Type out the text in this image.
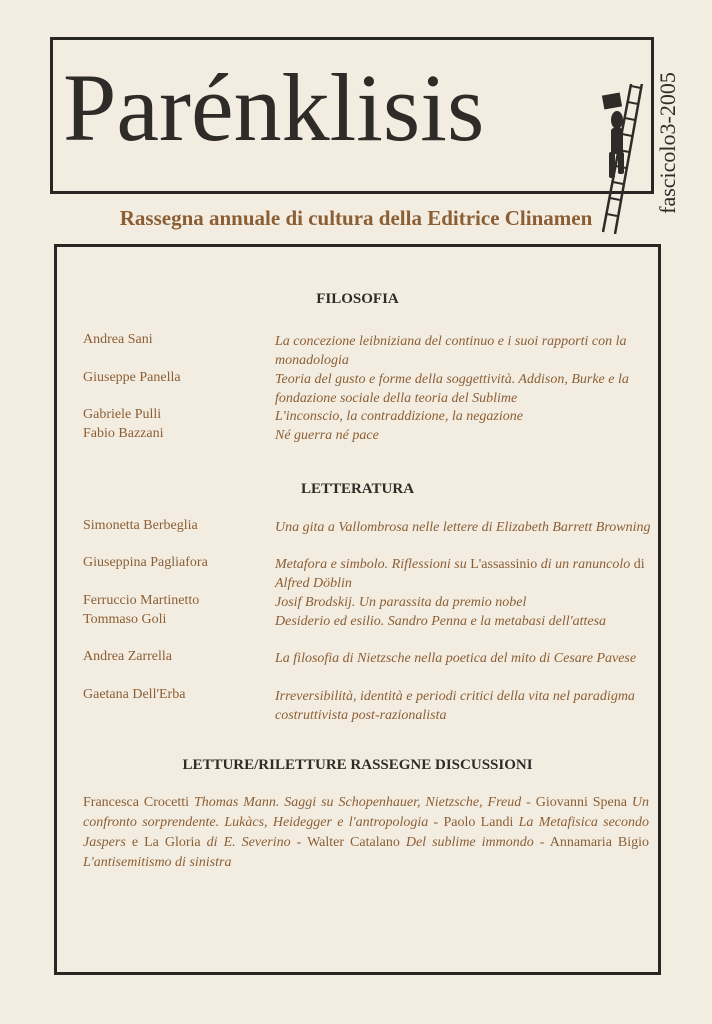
Parénklisis	fascicolo3-2005
Rassegna annuale di cultura della Editrice Clinamen
FILOSOFIA
Andrea Sani	La concezione leibniziana del continuo e i suoi rapporti con la monadologia
Giuseppe Panella	Teoria del gusto e forme della soggettività. Addison, Burke e la fondazione sociale della teoria del Sublime
Gabriele Pulli	L'inconscio, la contraddizione, la negazione
Fabio Bazzani	Né guerra né pace
LETTERATURA
Simonetta Berbeglia	Una gita a Vallombrosa nelle lettere di Elizabeth Barrett Browning
Giuseppina Pagliafora	Metafora e simbolo. Riflessioni su L'assassinio di un ranuncolo di Alfred Döblin
Ferruccio Martinetto	Josif Brodskij. Un parassita da premio nobel
Tommaso Goli	Desiderio ed esilio. Sandro Penna e la metabasi dell'attesa
Andrea Zarrella	La filosofia di Nietzsche nella poetica del mito di Cesare Pavese
Gaetana Dell'Erba	Irreversibilità, identità e periodi critici della vita nel paradigma costruttivista post-razionalista
LETTURE/RILETTURE RASSEGNE DISCUSSIONI
Francesca Crocetti Thomas Mann. Saggi su Schopenhauer, Nietzsche, Freud - Giovanni Spena Un confronto sorprendente. Lukàcs, Heidegger e l'antropologia - Paolo Landi La Metafisica secondo Jaspers e La Gloria di E. Severino - Walter Catalano Del sublime immondo - Annamaria Bigio L'antisemitismo di sinistra
